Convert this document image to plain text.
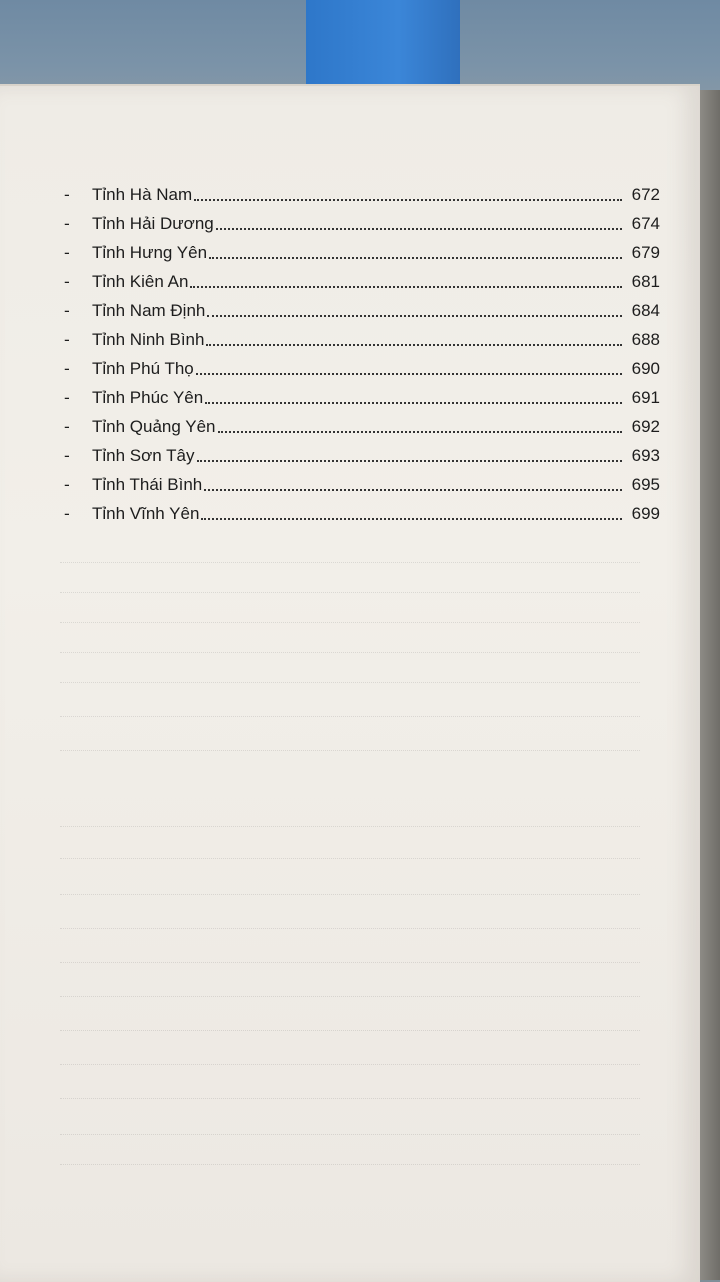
-	Tỉnh Hà Nam	672
-	Tỉnh Hải Dương	674
-	Tỉnh Hưng Yên	679
-	Tỉnh Kiên An	681
-	Tỉnh Nam Định	684
-	Tỉnh Ninh Bình	688
-	Tỉnh Phú Thọ	690
-	Tỉnh Phúc Yên	691
-	Tỉnh Quảng Yên	692
-	Tỉnh Sơn Tây	693
-	Tỉnh Thái Bình	695
-	Tỉnh Vĩnh Yên	699
